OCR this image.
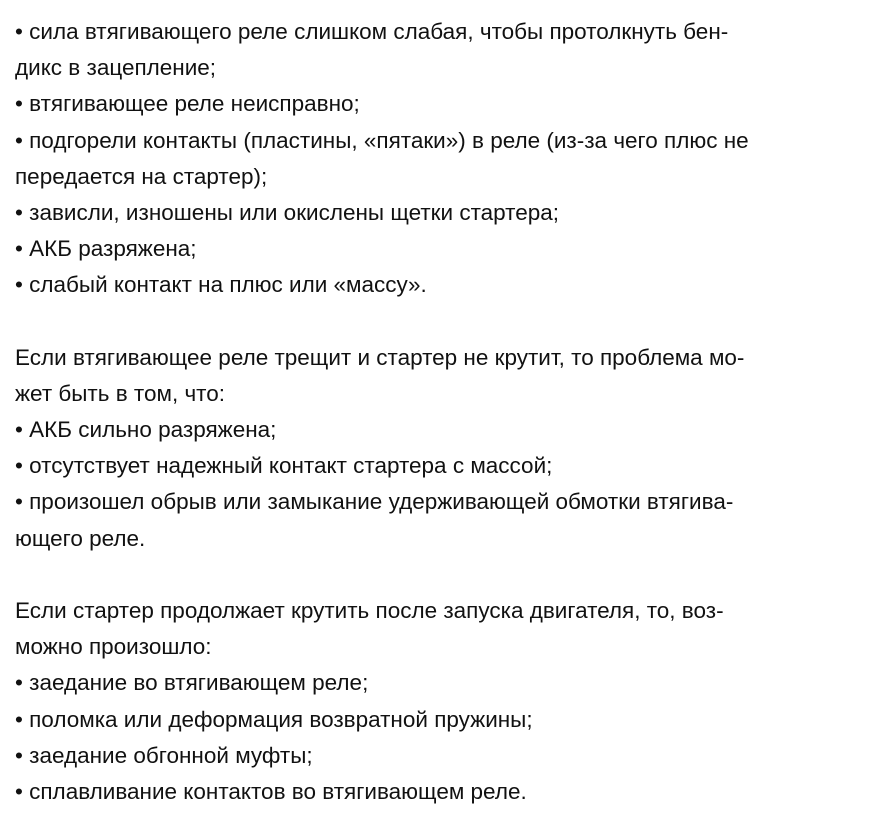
• сила втягивающего реле слишком слабая, чтобы протолкнуть бен-
дикс в зацепление;
• втягивающее реле неисправно;
• подгорели контакты (пластины, «пятаки») в реле (из-за чего плюс не
передается на стартер);
• зависли, изношены или окислены щетки стартера;
• АКБ разряжена;
• слабый контакт на плюс или «массу».
Если втягивающее реле трещит и стартер не крутит, то проблема мо-
жет быть в том, что:
• АКБ сильно разряжена;
• отсутствует надежный контакт стартера с массой;
• произошел обрыв или замыкание удерживающей обмотки втягива-
ющего реле.
Если стартер продолжает крутить после запуска двигателя, то, воз-
можно произошло:
• заедание во втягивающем реле;
• поломка или деформация возвратной пружины;
• заедание обгонной муфты;
• сплавливание контактов во втягивающем реле.
